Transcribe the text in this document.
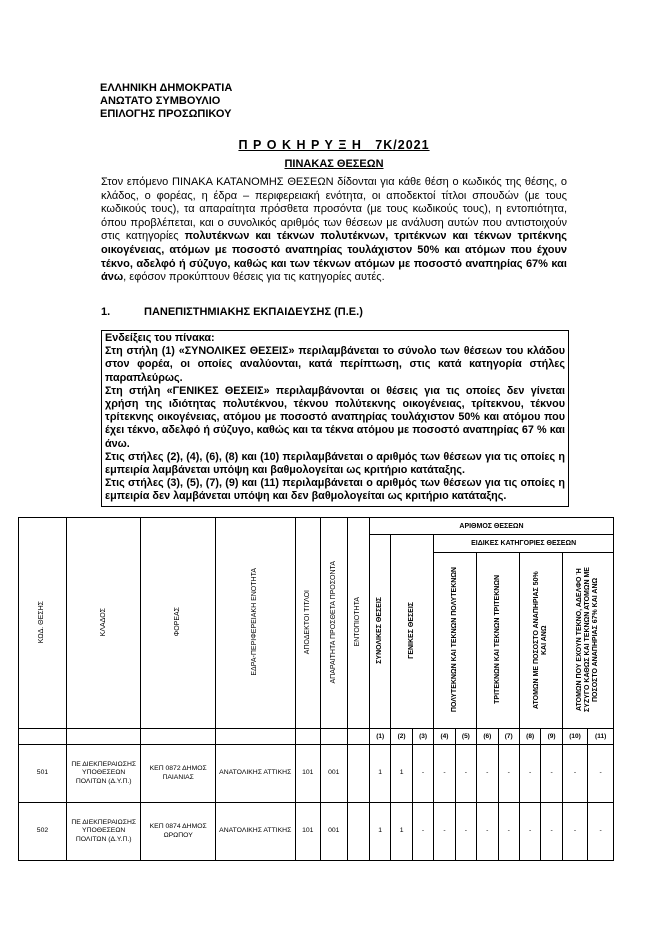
ΕΛΛΗΝΙΚΗ ΔΗΜΟΚΡΑΤΙΑ
ΑΝΩΤΑΤΟ ΣΥΜΒΟΥΛΙΟ
ΕΠΙΛΟΓΗΣ ΠΡΟΣΩΠΙΚΟΥ
Π Ρ Ο Κ Η Ρ Υ Ξ Η   7Κ/2021
ΠΙΝΑΚΑΣ ΘΕΣΕΩΝ
Στον επόμενο ΠΙΝΑΚΑ ΚΑΤΑΝΟΜΗΣ ΘΕΣΕΩΝ δίδονται για κάθε θέση ο κωδικός της θέσης, ο κλάδος, ο φορέας, η έδρα – περιφερειακή ενότητα, οι αποδεκτοί τίτλοι σπουδών (με τους κωδικούς τους), τα απαραίτητα πρόσθετα προσόντα (με τους κωδικούς τους), η εντοπιότητα, όπου προβλέπεται, και ο συνολικός αριθμός των θέσεων με ανάλυση αυτών που αντιστοιχούν στις κατηγορίες πολυτέκνων και τέκνων πολυτέκνων, τριτέκνων και τέκνων τριτέκνης οικογένειας, ατόμων με ποσοστό αναπηρίας τουλάχιστον 50% και ατόμων που έχουν τέκνο, αδελφό ή σύζυγο, καθώς και των τέκνων ατόμων με ποσοστό αναπηρίας 67% και άνω, εφόσον προκύπτουν θέσεις για τις κατηγορίες αυτές.
1.	ΠΑΝΕΠΙΣΤΗΜΙΑΚΗΣ ΕΚΠΑΙΔΕΥΣΗΣ (Π.Ε.)

Ενδείξεις του πίνακα:

Στη στήλη (1) «ΣΥΝΟΛΙΚΕΣ ΘΕΣΕΙΣ» περιλαμβάνεται το σύνολο των θέσεων του κλάδου στον φορέα, οι οποίες αναλύονται, κατά περίπτωση, στις κατά κατηγορία στήλες παραπλεύρως.

Στη στήλη «ΓΕΝΙΚΕΣ ΘΕΣΕΙΣ» περιλαμβάνονται οι θέσεις για τις οποίες δεν γίνεται χρήση της ιδιότητας πολυτέκνου, τέκνου πολύτεκνης οικογένειας, τρίτεκνου, τέκνου τρίτεκνης οικογένειας, ατόμου με ποσοστό αναπηρίας τουλάχιστον 50% και ατόμου που έχει τέκνο, αδελφό ή σύζυγο, καθώς και τα τέκνα ατόμου με ποσοστό αναπηρίας 67 % και άνω.

Στις στήλες (2), (4), (6), (8) και (10) περιλαμβάνεται ο αριθμός των θέσεων για τις οποίες η εμπειρία λαμβάνεται υπόψη και βαθμολογείται ως κριτήριο κατάταξης.

Στις στήλες (3), (5), (7), (9) και (11) περιλαμβάνεται ο αριθμός των θέσεων για τις οποίες η εμπειρία δεν λαμβάνεται υπόψη και δεν βαθμολογείται ως κριτήριο κατάταξης.

ΚΩΔ. ΘΕΣΗΣ	ΚΛΑΔΟΣ	ΦΟΡΕΑΣ	ΕΔΡΑ-ΠΕΡΙΦΕΡΕΙΑΚΗ ΕΝΟΤΗΤΑ	ΑΠΟΔΕΚΤΟΙ ΤΙΤΛΟΙ	ΑΠΑΡΑΙΤΗΤΑ ΠΡΟΣΘΕΤΑ ΠΡΟΣΟΝΤΑ	ΕΝΤΟΠΙΟΤΗΤΑ	ΑΡΙΘΜΟΣ ΘΕΣΕΩΝ										
							ΣΥΝΟΛΙΚΕΣ ΘΕΣΕΙΣ	ΓΕΝΙΚΕΣ ΘΕΣΕΙΣ		ΕΙΔΙΚΕΣ ΚΑΤΗΓΟΡΙΕΣ ΘΕΣΕΩΝ							
										ΠΟΛΥΤΕΚΝΩΝ ΚΑΙ ΤΕΚΝΩΝ ΠΟΛΥΤΕΚΝΩΝ		ΤΡΙΤΕΚΝΩΝ ΚΑΙ ΤΕΚΝΩΝ ΤΡΙΤΕΚΝΩΝ		ΑΤΟΜΩΝ ΜΕ ΠΟΣΟΣΤΟ ΑΝΑΠΗΡΙΑΣ 50% ΚΑΙ ΑΝΩ		ΑΤΟΜΩΝ ΠΟΥ ΕΧΟΥΝ ΤΕΚΝΟ, ΑΔΕΛΦΟ Ή ΣΥΖΥΓΟ ΚΑΘΩΣ ΚΑΙ ΤΕΚΝΩΝ ΑΤΟΜΩΝ ΜΕ ΠΟΣΟΣΤΟ ΑΝΑΠΗΡΙΑΣ 67% ΚΑΙ ΑΝΩ	
							(1)	(2)	(3)	(4)	(5)	(6)	(7)	(8)	(9)	(10)	(11)
501	ΠΕ ΔΙΕΚΠΕΡΑΙΩΣΗΣ ΥΠΟΘΕΣΕΩΝ ΠΟΛΙΤΩΝ (Δ.Υ.Π.)	ΚΕΠ 0872 ΔΗΜΟΣ ΠΑΙΑΝΙΑΣ	ΑΝΑΤΟΛΙΚΗΣ ΑΤΤΙΚΗΣ	101	001		1	1	-	-	-	-	-	-	-	-	-
502	ΠΕ ΔΙΕΚΠΕΡΑΙΩΣΗΣ ΥΠΟΘΕΣΕΩΝ ΠΟΛΙΤΩΝ (Δ.Υ.Π.)	ΚΕΠ 0874 ΔΗΜΟΣ ΩΡΩΠΟΥ	ΑΝΑΤΟΛΙΚΗΣ ΑΤΤΙΚΗΣ	101	001		1	1	-	-	-	-	-	-	-	-	-
